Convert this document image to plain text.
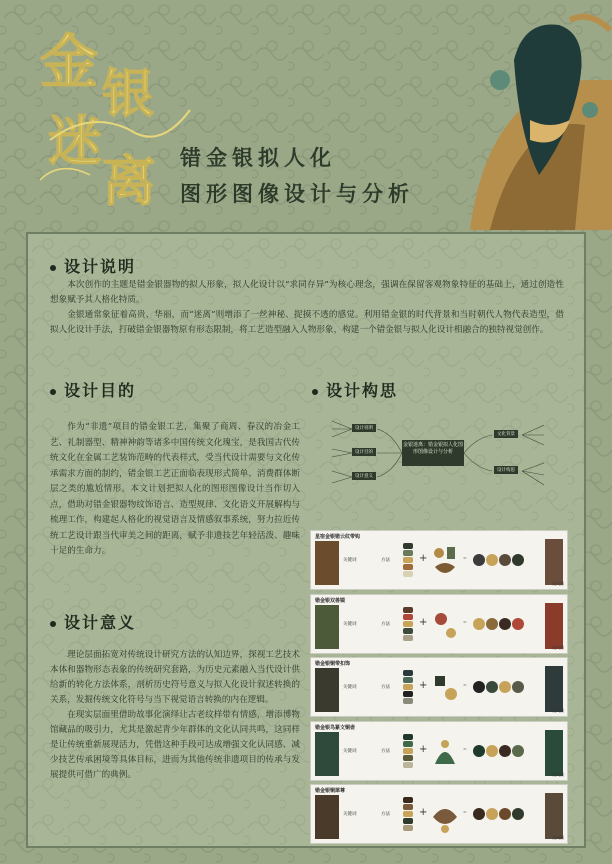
金 银
迷
离 错金银拟人化
图形图像设计与分析
设计说明

本次创作的主题是错金银器物的拟人形象，拟人化设计以“求同存异”为核心理念，强调在保留客观物象特征的基础上，通过创造性想象赋予其人格化特质。

金银通常象征着高贵、华丽，而“迷离”则增添了一丝神秘、捉摸不透的感觉。利用错金银的时代背景和当时朝代人物代表造型，借拟人化设计手法，打破错金银器物原有形态限制，将工艺造型融入人物形象，构建一个错金银与拟人化设计相融合的独特视觉创作。

设计目的

作为“非遗”项目的错金银工艺，集聚了商周、春汉的冶金工艺、礼制器型、精神神韵等诸多中国传统文化瑰宝，是我国古代传统文化在金属工艺装饰范畴的代表样式，受当代设计需要与文化传承需求方面的制约，错金银工艺正面临表现形式简单、消费群体断层之类的尴尬情形。本文计划把拟人化的图形图像设计当作切入点，借助对错金银器物纹饰语言、造型规律、文化语义开展解构与梳理工作，构建起人格化的视觉语言及情感叙事系统，努力拉近传统工艺设计跟当代审美之间的距离，赋予非遗技艺年轻活泼、趣味十足的生命力。

设计意义

理论层面拓宽对传统设计研究方法的认知边界，探视工艺技术本体和器物形态表象的传统研究套路，为历史元素融入当代设计供给新的转化方法体系，剖析历史符号意义与拟人化设计叙述转换的关系，发掘传统文化符号与当下视觉语言转换的内在逻辑。

在现实层面里借助故事化演绎让古老纹样带有情感，增添博物馆藏品的吸引力，尤其是激起青少年群体的文化认同共鸣，这同样是让传统重新展现活力，凭借这种手段可达成增强文化认同感、减少技艺传承困境等具体目标，进而为其他传统非遗项目的传承与发展提供可借广的典例。

设计构思
金银迷离：错金银拟人化图形图像设计与分析
设计说明
设计目的
设计意义
文化背景
设计构思
星宿金银错云纹带钩
关键词	方法	+	=
完成图
错金银双兽镜
关键词	方法	+	=
完成图
错金银铜带扣饰
关键词	方法	+	=
完成图
错金银鸟篆文铜壶
关键词	方法	+	=
完成图
错金银铜犀尊
关键词	方法	+	=
完成图
